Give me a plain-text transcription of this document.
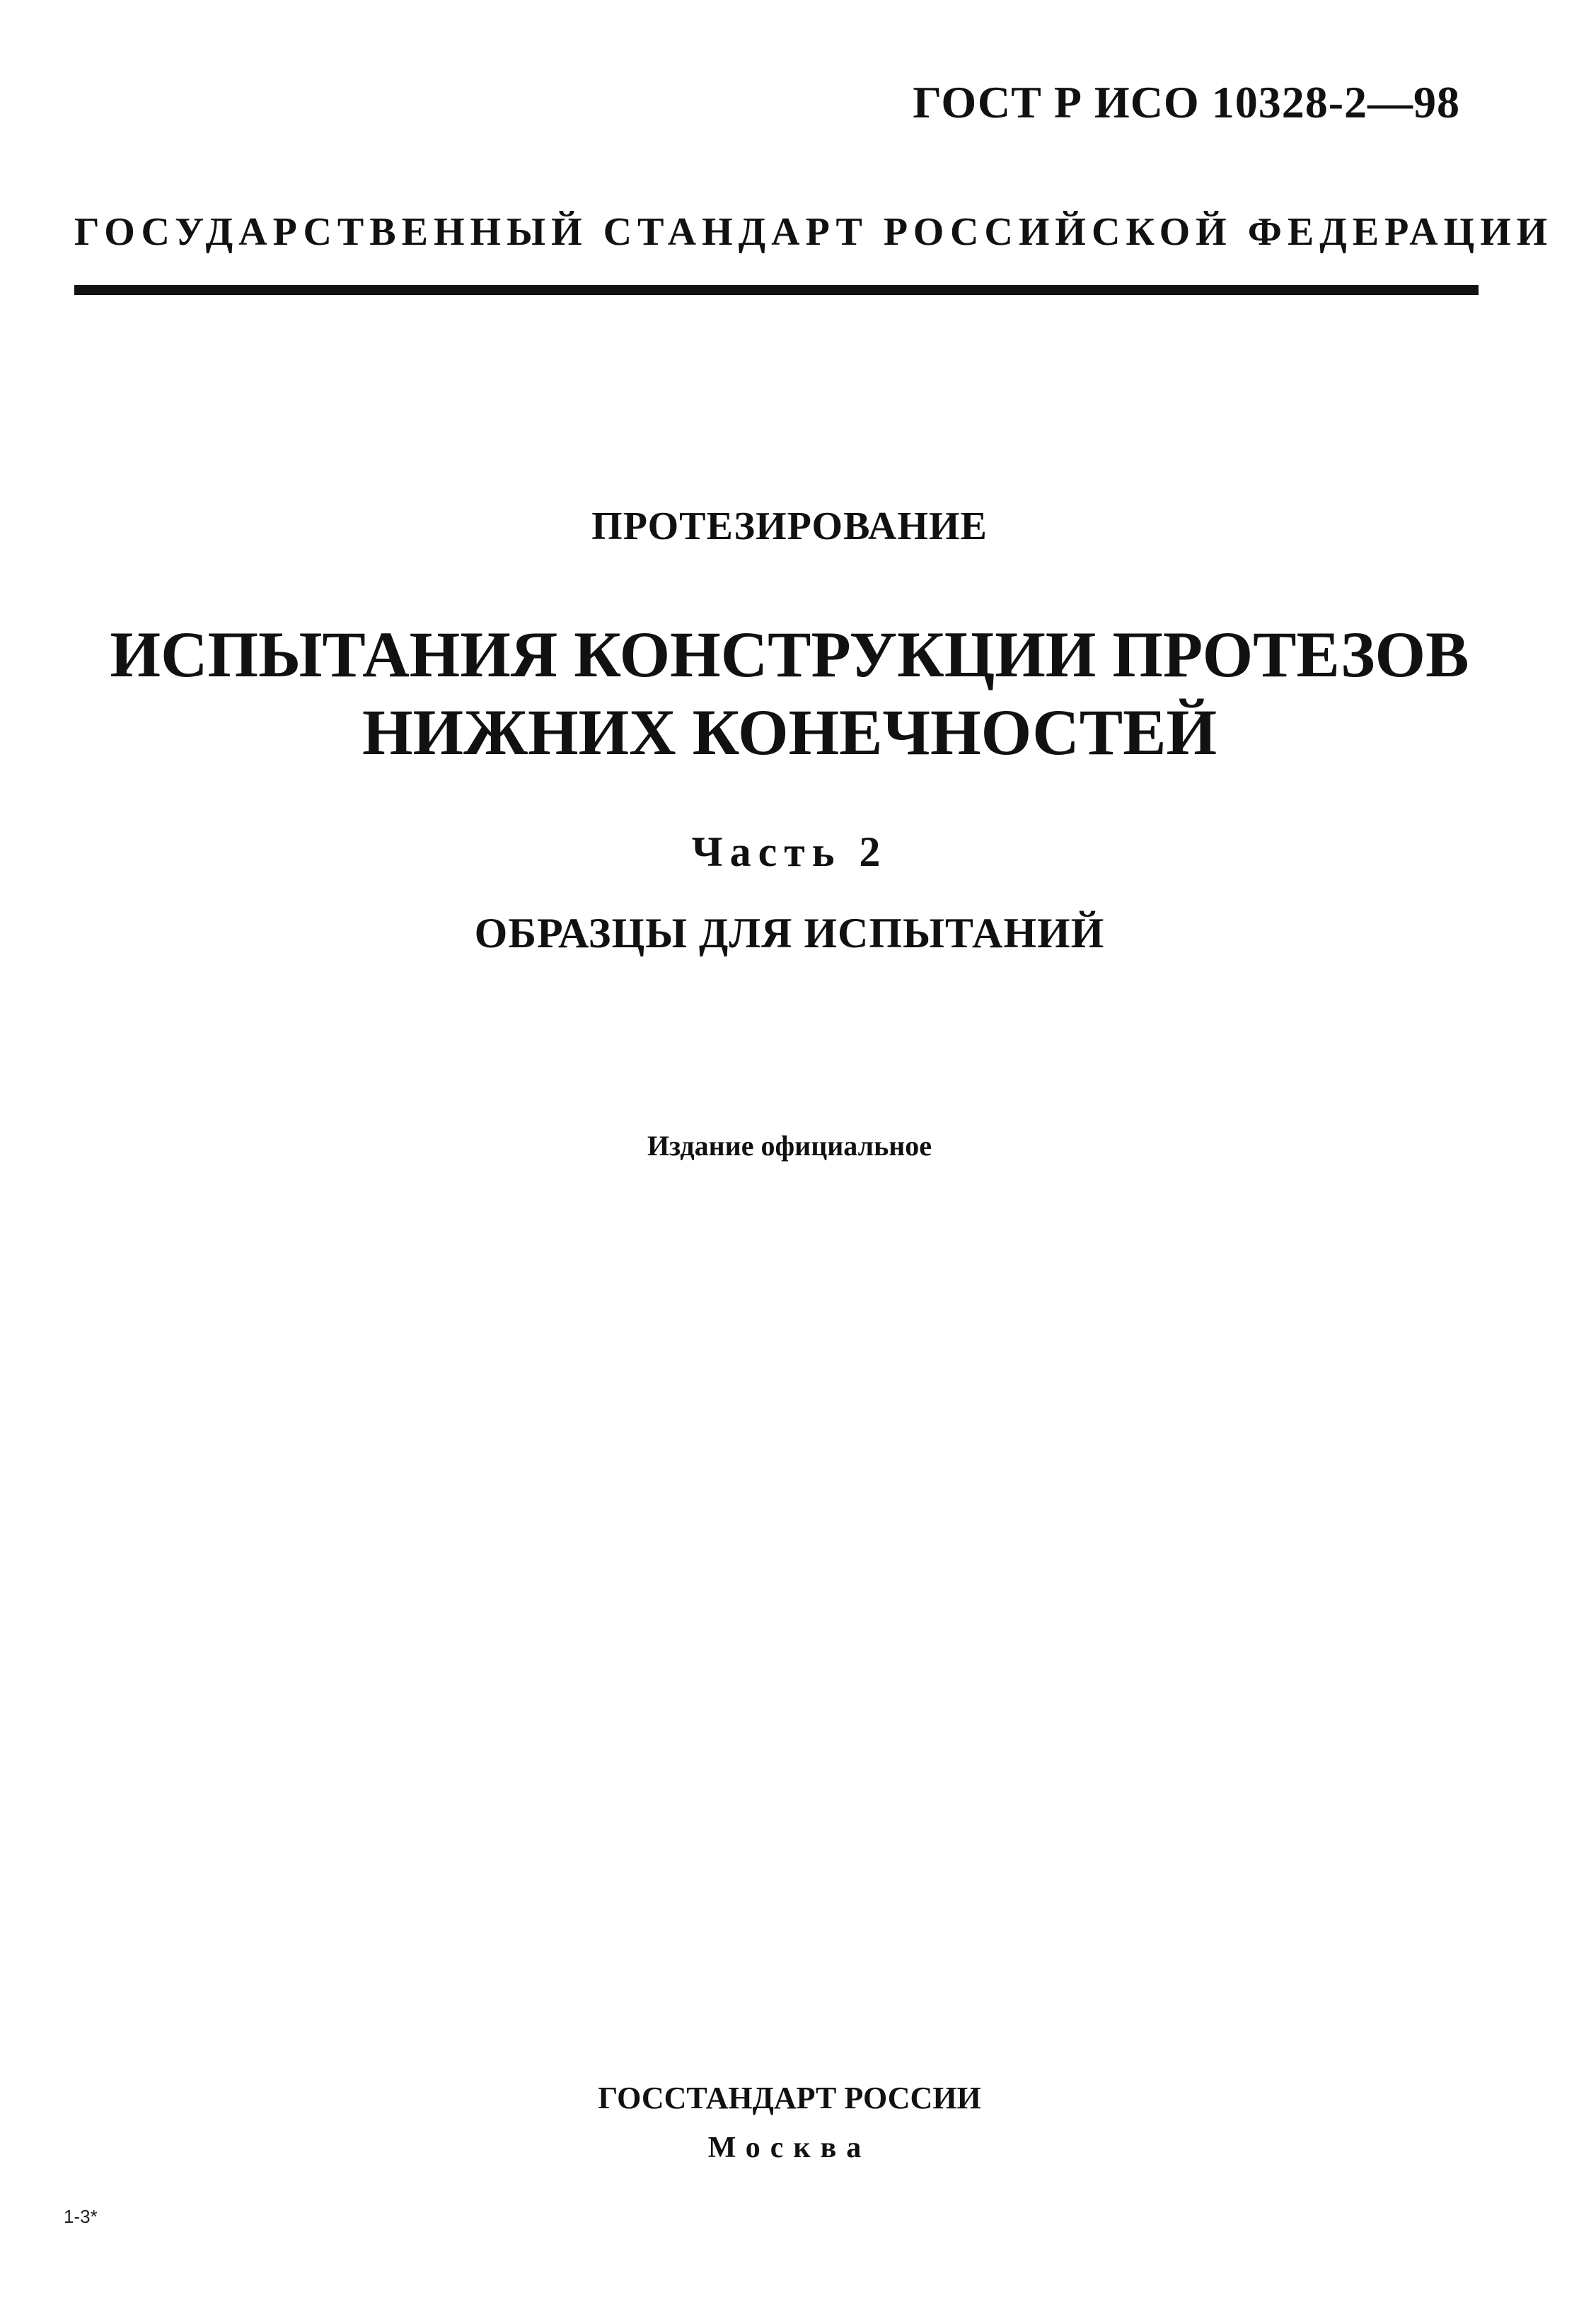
ГОСТ Р ИСО 10328-2—98
ГОСУДАРСТВЕННЫЙ СТАНДАРТ РОССИЙСКОЙ ФЕДЕРАЦИИ
ПРОТЕЗИРОВАНИЕ
ИСПЫТАНИЯ КОНСТРУКЦИИ ПРОТЕЗОВ
НИЖНИХ КОНЕЧНОСТЕЙ
Часть 2
ОБРАЗЦЫ ДЛЯ ИСПЫТАНИЙ
Издание официальное
ГОССТАНДАРТ РОССИИ
Москва
1-3*
